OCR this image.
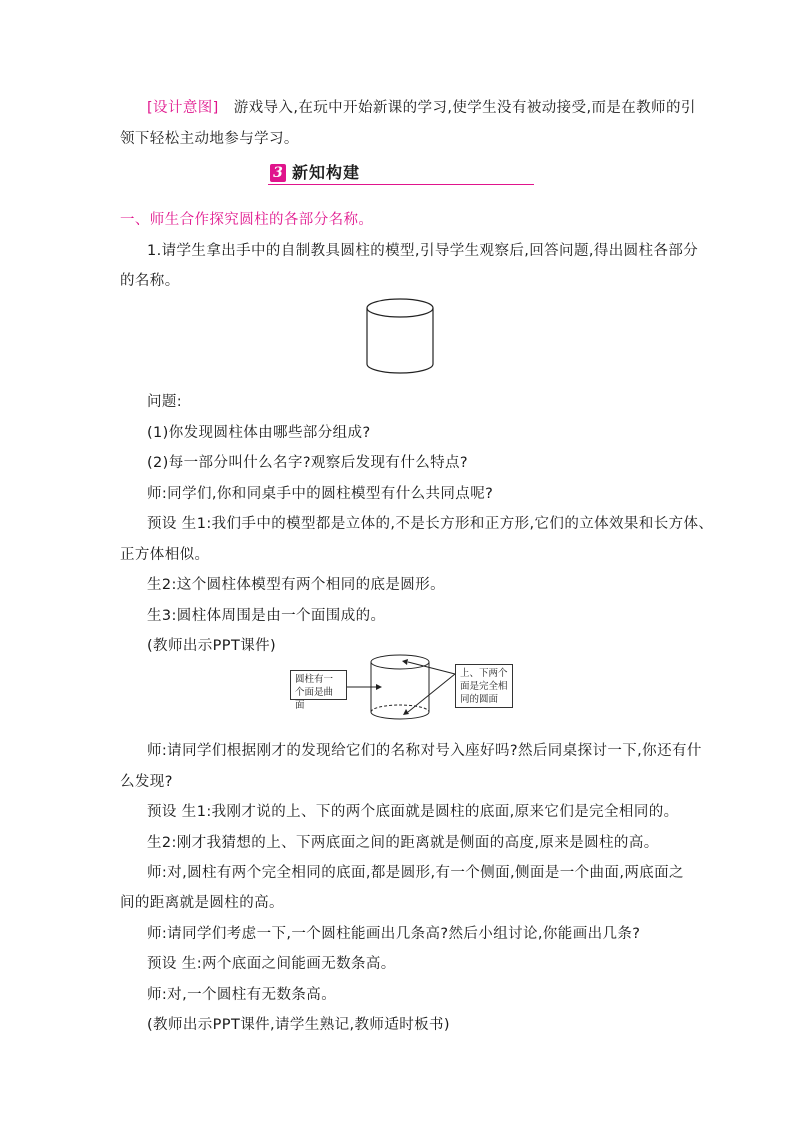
[设计意图] 游戏导入,在玩中开始新课的学习,使学生没有被动接受,而是在教师的引
领下轻松主动地参与学习。
3 新知构建
一、师生合作探究圆柱的各部分名称。
1.请学生拿出手中的自制教具圆柱的模型,引导学生观察后,回答问题,得出圆柱各部分
的名称。
问题:
(1)你发现圆柱体由哪些部分组成?
(2)每一部分叫什么名字?观察后发现有什么特点?
师:同学们,你和同桌手中的圆柱模型有什么共同点呢?
预设 生1:我们手中的模型都是立体的,不是长方形和正方形,它们的立体效果和长方体、
正方体相似。
生2:这个圆柱体模型有两个相同的底是圆形。
生3:圆柱体周围是由一个面围成的。
(教师出示PPT课件)
圆柱有一个面是曲面
上、下两个面是完全相同的圆面
师:请同学们根据刚才的发现给它们的名称对号入座好吗?然后同桌探讨一下,你还有什
么发现?
预设 生1:我刚才说的上、下的两个底面就是圆柱的底面,原来它们是完全相同的。
生2:刚才我猜想的上、下两底面之间的距离就是侧面的高度,原来是圆柱的高。
师:对,圆柱有两个完全相同的底面,都是圆形,有一个侧面,侧面是一个曲面,两底面之
间的距离就是圆柱的高。
师:请同学们考虑一下,一个圆柱能画出几条高?然后小组讨论,你能画出几条?
预设 生:两个底面之间能画无数条高。
师:对,一个圆柱有无数条高。
(教师出示PPT课件,请学生熟记,教师适时板书)
